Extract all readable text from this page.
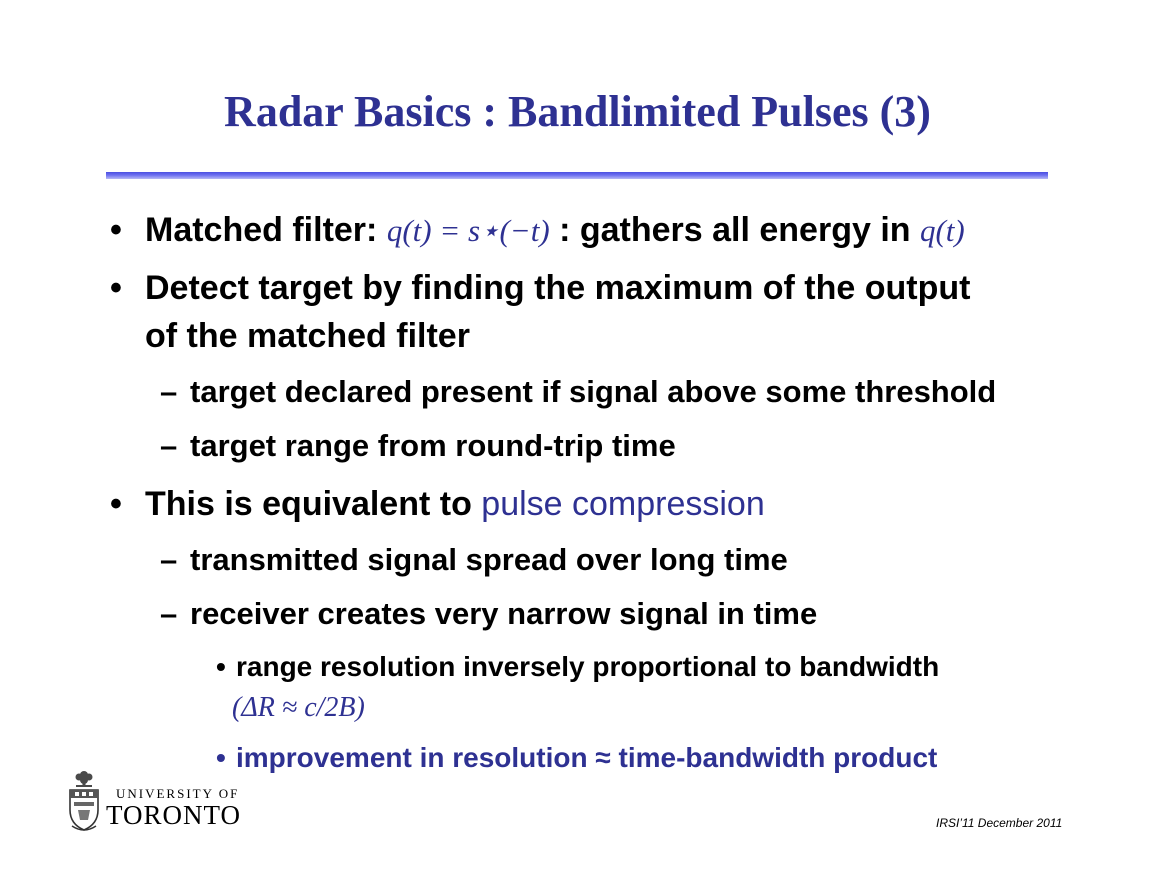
Radar Basics : Bandlimited Pulses (3)
• Matched filter: q(t) = s⋆(−t) : gathers all energy in q(t)
• Detect target by finding the maximum of the output
of the matched filter
– target declared present if signal above some threshold
– target range from round-trip time
• This is equivalent to pulse compression
– transmitted signal spread over long time
– receiver creates very narrow signal in time
• range resolution inversely proportional to bandwidth
(ΔR ≈ c/2B)
• improvement in resolution ≈ time-bandwidth product
UNIVERSITY OF
TORONTO	IRSI’11 December 2011
